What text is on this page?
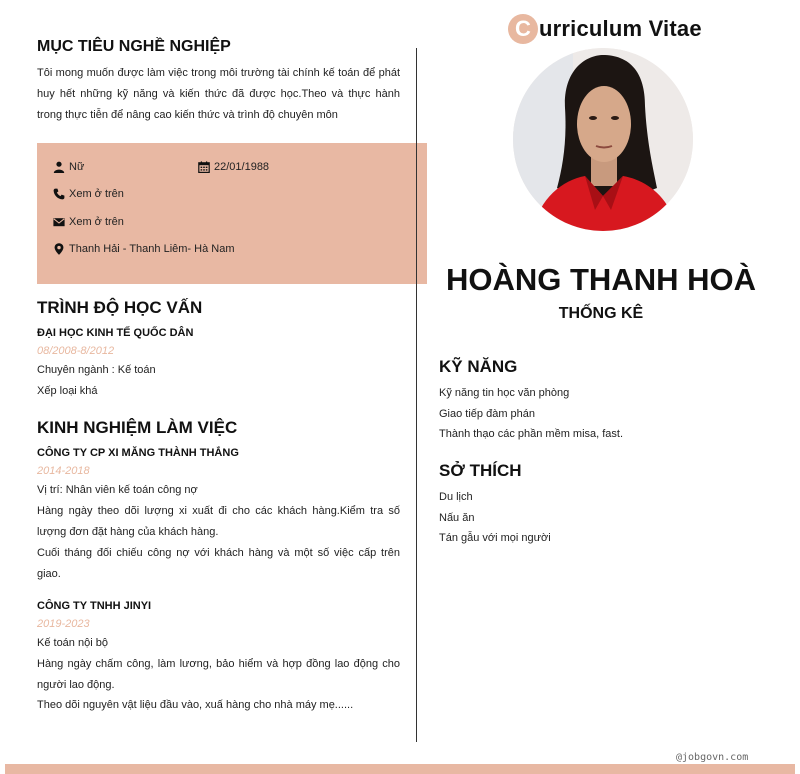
MỤC TIÊU NGHỀ NGHIỆP
Tôi mong muốn được làm việc trong môi trường tài chính kế toán để phát huy hết những kỹ năng và kiến thức đã được học.Theo và thực hành trong thực tiễn để nâng cao kiến thức và trình độ chuyên môn
Nữ	22/01/1988
Xem ở trên
Xem ở trên
Thanh Hải - Thanh Liêm- Hà Nam
TRÌNH ĐỘ HỌC VẤN
ĐẠI HỌC KINH TẾ QUỐC DÂN
08/2008-8/2012
Chuyên ngành : Kế toán
Xếp loại khá
KINH NGHIỆM LÀM VIỆC
CÔNG TY CP XI MĂNG THÀNH THẮNG
2014-2018
Vị trí: Nhân viên kế toán công nợ
Hàng ngày theo dõi lượng xi xuất đi cho các khách hàng.Kiểm tra số lượng đơn đặt hàng của khách hàng.
Cuối tháng đối chiếu công nợ với khách hàng và một số việc cấp trên giao.
CÔNG TY TNHH JINYI
2019-2023
Kế toán nội bộ
Hàng ngày chấm công, làm lương, bảo hiểm và hợp đồng lao động cho người lao động.
Theo dõi nguyên vật liệu đầu vào, xuấ hàng cho nhà máy mẹ......
C urriculum Vitae
HOÀNG THANH HOÀ
THỐNG KÊ
KỸ NĂNG
Kỹ năng tin học văn phòng
Giao tiếp đàm phán
Thành thạo các phần mềm misa, fast.
SỞ THÍCH
Du lịch
Nấu ăn
Tán gẫu với mọi người
@jobgovn.com
